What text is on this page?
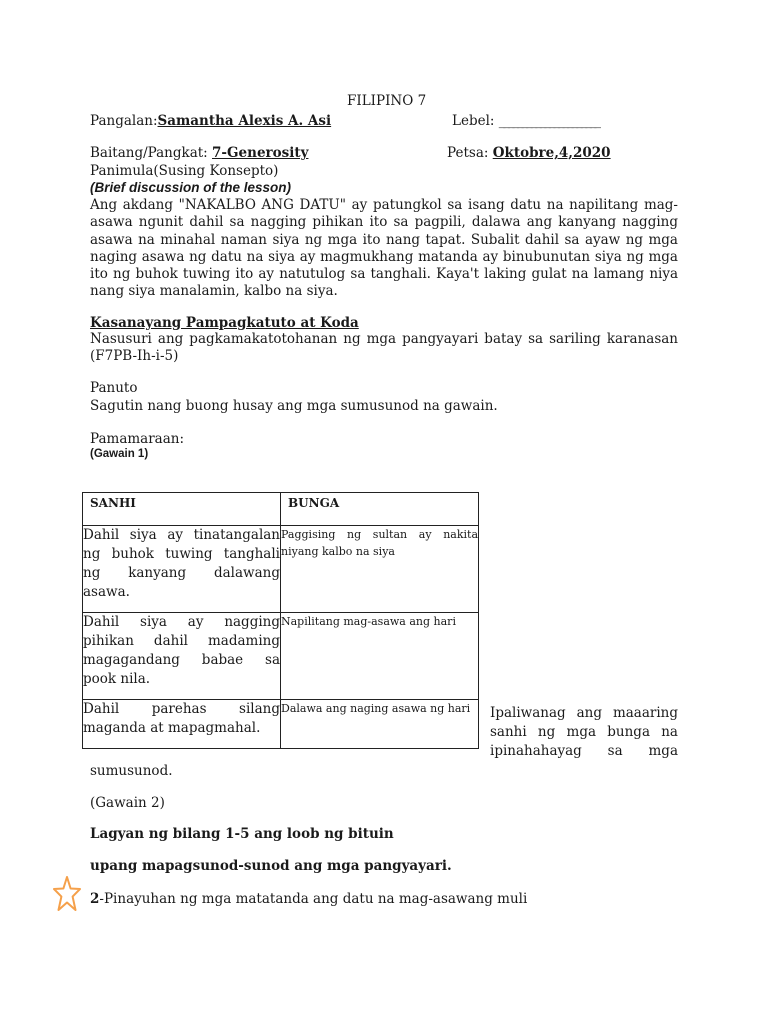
FILIPINO 7
Pangalan:Samantha Alexis A. Asi	Lebel: ______________________
Baitang/Pangkat: 7-Generosity	Petsa: Oktobre,4,2020
Panimula(Susing Konsepto)
(Brief discussion of the lesson)
Ang akdang "NAKALBO ANG DATU" ay patungkol sa isang datu na napilitang mag-asawa ngunit dahil sa nagging pihikan ito sa pagpili, dalawa ang kanyang nagging asawa na minahal naman siya ng mga ito nang tapat. Subalit dahil sa ayaw ng mga naging asawa ng datu na siya ay magmukhang matanda ay binubunutan siya ng mga ito ng buhok tuwing ito ay natutulog sa tanghali. Kaya't laking gulat na lamang niya nang siya manalamin, kalbo na siya.
Kasanayang Pampagkatuto at Koda
Nasusuri ang pagkamakatotohanan ng mga pangyayari batay sa sariling karanasan (F7PB-Ih-i-5)
Panuto
Sagutin nang buong husay ang mga sumusunod na gawain.
Pamamaraan:
(Gawain 1)
SANHI	BUNGA
Dahil siya ay tinatangalan ng buhok tuwing tanghali ng kanyang dalawang asawa.	Paggising ng sultan ay nakita niyang kalbo na siya
Dahil siya ay nagging pihikan dahil madaming magagandang babae sa pook nila.	Napilitang mag-asawa ang hari
Dahil parehas silang maganda at mapagmahal.	Dalawa ang naging asawa ng hari Ipaliwanag ang maaaring sanhi ng mga bunga na ipinahahayag sa mga
sumusunod.
(Gawain 2)
Lagyan ng bilang 1-5 ang loob ng bituin
upang mapagsunod-sunod ang mga pangyayari.
2-Pinayuhan ng mga matatanda ang datu na mag-asawang muli
